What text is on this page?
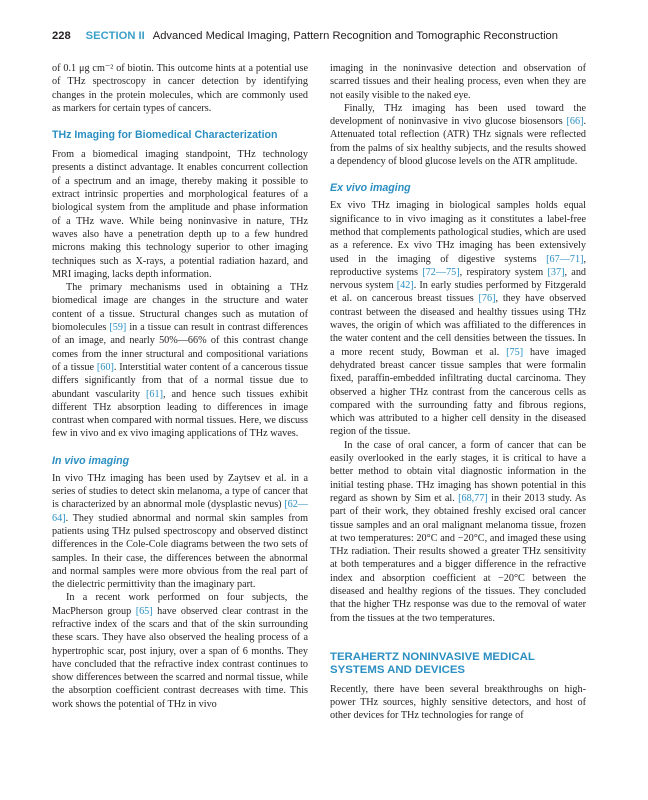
228 SECTION II Advanced Medical Imaging, Pattern Recognition and Tomographic Reconstruction

of 0.1 μg cm⁻² of biotin. This outcome hints at a potential use of THz spectroscopy in cancer detection by identifying changes in the protein molecules, which are commonly used as markers for certain types of cancers.

THz Imaging for Biomedical Characterization

From a biomedical imaging standpoint, THz technology presents a distinct advantage. It enables concurrent collection of a spectrum and an image, thereby making it possible to extract intrinsic properties and morphological features of a biological system from the amplitude and phase information of a THz wave. While being noninvasive in nature, THz waves also have a penetration depth up to a few hundred microns making this technology superior to other imaging techniques such as X-rays, a potential radiation hazard, and MRI imaging, lacks depth information.

The primary mechanisms used in obtaining a THz biomedical image are changes in the structure and water content of a tissue. Structural changes such as mutation of biomolecules [59] in a tissue can result in contrast differences of an image, and nearly 50%—66% of this contrast change comes from the inner structural and compositional variations of a tissue [60]. Interstitial water content of a cancerous tissue differs significantly from that of a normal tissue due to abundant vascularity [61], and hence such tissues exhibit different THz absorption leading to differences in image contrast when compared with normal tissues. Here, we discuss few in vivo and ex vivo imaging applications of THz waves.

In vivo imaging

In vivo THz imaging has been used by Zaytsev et al. in a series of studies to detect skin melanoma, a type of cancer that is characterized by an abnormal mole (dysplastic nevus) [62—64]. They studied abnormal and normal skin samples from patients using THz pulsed spectroscopy and observed distinct differences in the Cole-Cole diagrams between the two sets of samples. In their case, the differences between the abnormal and normal samples were more obvious from the real part of the dielectric permittivity than the imaginary part.

In a recent work performed on four subjects, the MacPherson group [65] have observed clear contrast in the refractive index of the scars and that of the skin surrounding these scars. They have also observed the healing process of a hypertrophic scar, post injury, over a span of 6 months. They have concluded that the refractive index contrast continues to show differences between the scarred and normal tissue, while the absorption coefficient contrast decreases with time. This work shows the potential of THz in vivo

imaging in the noninvasive detection and observation of scarred tissues and their healing process, even when they are not easily visible to the naked eye.

Finally, THz imaging has been used toward the development of noninvasive in vivo glucose biosensors [66]. Attenuated total reflection (ATR) THz signals were reflected from the palms of six healthy subjects, and the results showed a dependency of blood glucose levels on the ATR amplitude.

Ex vivo imaging

Ex vivo THz imaging in biological samples holds equal significance to in vivo imaging as it constitutes a label-free method that complements pathological studies, which are used as a reference. Ex vivo THz imaging has been extensively used in the imaging of digestive systems [67—71], reproductive systems [72—75], respiratory system [37], and nervous system [42]. In early studies performed by Fitzgerald et al. on cancerous breast tissues [76], they have observed contrast between the diseased and healthy tissues using THz waves, the origin of which was affiliated to the differences in the water content and the cell densities between the tissues. In a more recent study, Bowman et al. [75] have imaged dehydrated breast cancer tissue samples that were formalin fixed, paraffin-embedded infiltrating ductal carcinoma. They observed a higher THz contrast from the cancerous cells as compared with the surrounding fatty and fibrous regions, which was attributed to a higher cell density in the diseased region of the tissue.

In the case of oral cancer, a form of cancer that can be easily overlooked in the early stages, it is critical to have a better method to obtain vital diagnostic information in the initial testing phase. THz imaging has shown potential in this regard as shown by Sim et al. [68,77] in their 2013 study. As part of their work, they obtained freshly excised oral cancer tissue samples and an oral malignant melanoma tissue, frozen at two temperatures: 20°C and −20°C, and imaged these using THz radiation. Their results showed a greater THz sensitivity at both temperatures and a bigger difference in the refractive index and absorption coefficient at −20°C between the diseased and healthy regions of the tissues. They concluded that the higher THz response was due to the removal of water from the tissues at the two temperatures.

TERAHERTZ NONINVASIVE MEDICAL
SYSTEMS AND DEVICES

Recently, there have been several breakthroughs on high-power THz sources, highly sensitive detectors, and host of other devices for THz technologies for range of
